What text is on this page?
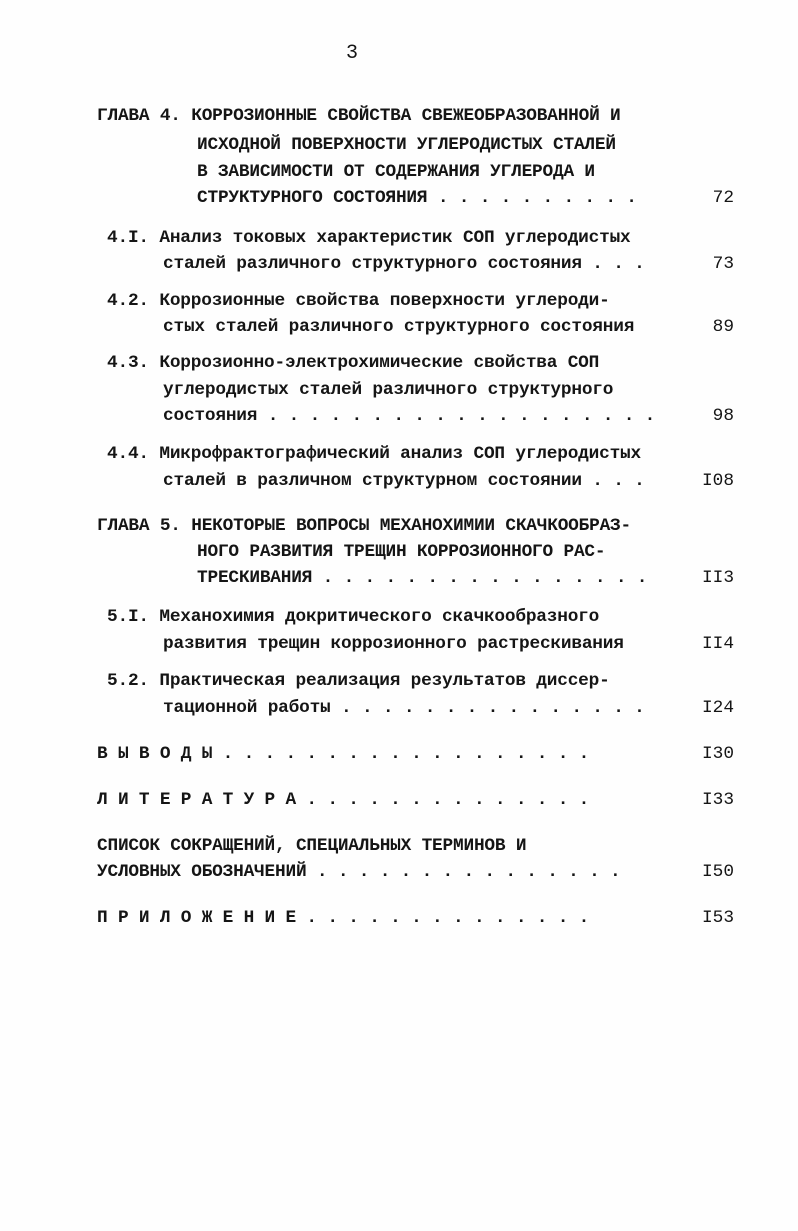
3
ГЛАВА 4. КОРРОЗИОННЫЕ СВОЙСТВА СВЕЖЕОБРАЗОВАННОЙ И
ИСХОДНОЙ ПОВЕРХНОСТИ УГЛЕРОДИСТЫХ СТАЛЕЙ
В ЗАВИСИМОСТИ ОТ СОДЕРЖАНИЯ УГЛЕРОДА И
СТРУКТУРНОГО СОСТОЯНИЯ . . . . . . . . . .	72
4.I. Анализ токовых характеристик СОП углеродистых
сталей различного структурного состояния . . .	73
4.2. Коррозионные свойства поверхности углероди-
стых сталей различного структурного состояния	89
4.3. Коррозионно-электрохимические свойства СОП
углеродистых сталей различного структурного
состояния . . . . . . . . . . . . . . . . . . .	98
4.4. Микрофрактографический анализ СОП углеродистых
сталей в различном структурном состоянии . . .	I08
ГЛАВА 5. НЕКОТОРЫЕ ВОПРОСЫ МЕХАНОХИМИИ СКАЧКООБРАЗ-
НОГО РАЗВИТИЯ ТРЕЩИН КОРРОЗИОННОГО РАС-
ТРЕСКИВАНИЯ . . . . . . . . . . . . . . . .	II3
5.I. Механохимия докритического скачкообразного
развития трещин коррозионного растрескивания	II4
5.2. Практическая реализация результатов диссер-
тационной работы . . . . . . . . . . . . . . .	I24
В Ы В О Д Ы . . . . . . . . . . . . . . . . . .	I30
Л И Т Е Р А Т У Р А . . . . . . . . . . . . . .	I33
СПИСОК СОКРАЩЕНИЙ, СПЕЦИАЛЬНЫХ ТЕРМИНОВ И
УСЛОВНЫХ ОБОЗНАЧЕНИЙ . . . . . . . . . . . . . . .	I50
П Р И Л О Ж Е Н И Е . . . . . . . . . . . . . .	I53
